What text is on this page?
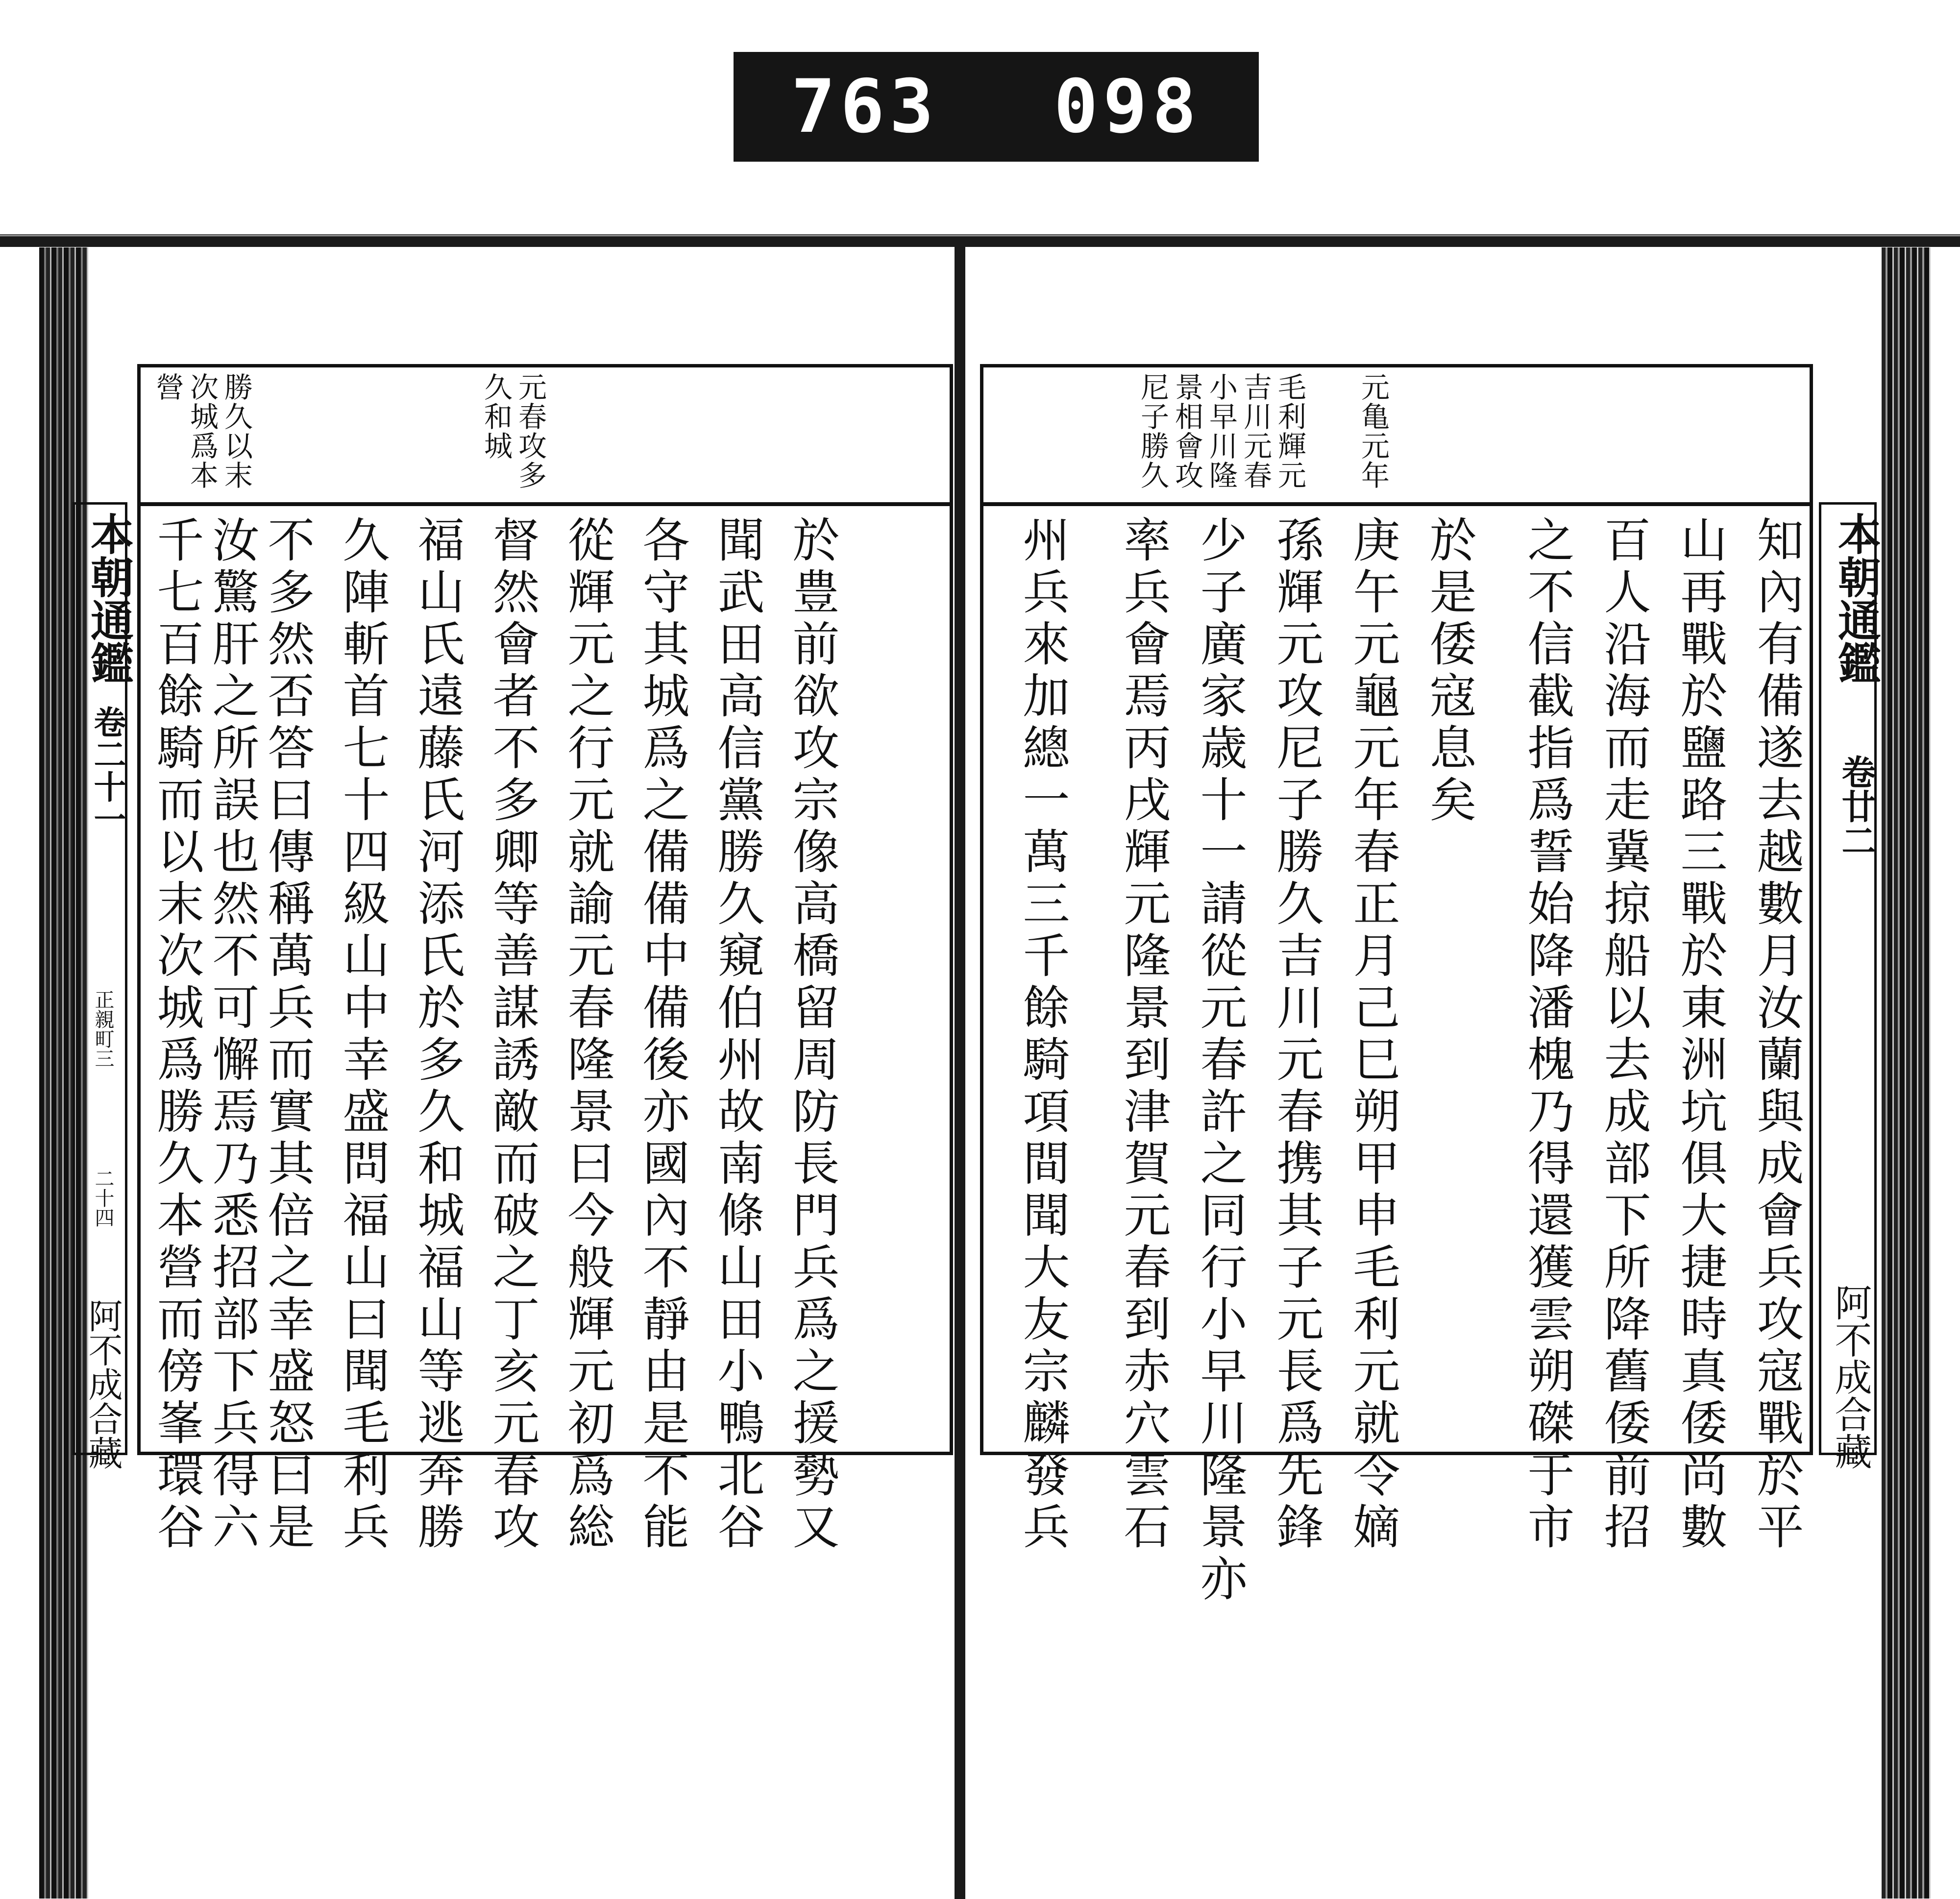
763 098
勝久以末
次城爲本
營	元春攻多
久和城
於豊前欲攻宗像高橋留周防長門兵爲之援勢又
聞武田高信黨勝久窺伯州故南條山田小鴨北谷
各守其城爲之備備中備後亦國內不靜由是不能
從輝元之行元就諭元春隆景曰今般輝元初爲総
督然會者不多卿等善謀誘敵而破之丁亥元春攻
福山氏遠藤氏河添氏於多久和城福山等逃奔勝
久陣斬首七十四級山中幸盛問福山曰聞毛利兵
不多然否答曰傳稱萬兵而實其倍之幸盛怒曰是
汝驚肝之所誤也然不可懈焉乃悉招部下兵得六
千七百餘騎而以末次城爲勝久本營而傍峯環谷
本朝通鑑
卷二十一
正親町三
二十四
阿不成合藏
元亀元年
毛利輝元
吉川元春
小早川隆
景相會攻
尼子勝久
知內有備遂去越數月汝蘭與成會兵攻寇戰於平
山再戰於鹽路三戰於東洲坑俱大捷時真倭尚數
百人沿海而走冀掠船以去成部下所降舊倭前招
之不信截指爲誓始降潘槐乃得還獲雲朔磔于市
於是倭寇息矣
庚午元龜元年春正月己巳朔甲申毛利元就令嫡
孫輝元攻尼子勝久吉川元春携其子元長爲先鋒
少子廣家歳十一請從元春許之同行小早川隆景亦
率兵會焉丙戌輝元隆景到津賀元春到赤穴雲石
州兵來加總一萬三千餘騎項間聞大友宗麟發兵	本朝通鑑
卷廿二
阿不成合藏
